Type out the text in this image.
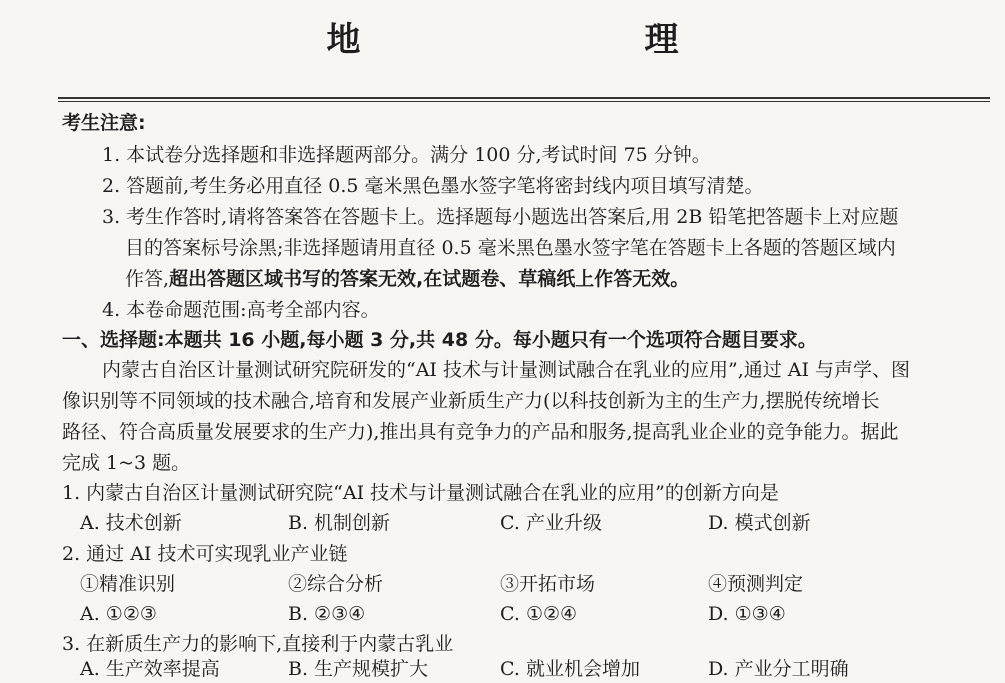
地　　理
考生注意:
1. 本试卷分选择题和非选择题两部分。满分 100 分,考试时间 75 分钟。
2. 答题前,考生务必用直径 0.5 毫米黑色墨水签字笔将密封线内项目填写清楚。
3. 考生作答时,请将答案答在答题卡上。选择题每小题选出答案后,用 2B 铅笔把答题卡上对应题
目的答案标号涂黑;非选择题请用直径 0.5 毫米黑色墨水签字笔在答题卡上各题的答题区域内
作答,超出答题区域书写的答案无效,在试题卷、草稿纸上作答无效。
4. 本卷命题范围:高考全部内容。
一、选择题:本题共 16 小题,每小题 3 分,共 48 分。每小题只有一个选项符合题目要求。
内蒙古自治区计量测试研究院研发的“AI 技术与计量测试融合在乳业的应用”,通过 AI 与声学、图
像识别等不同领域的技术融合,培育和发展产业新质生产力(以科技创新为主的生产力,摆脱传统增长
路径、符合高质量发展要求的生产力),推出具有竞争力的产品和服务,提高乳业企业的竞争能力。据此
完成 1~3 题。
1. 内蒙古自治区计量测试研究院“AI 技术与计量测试融合在乳业的应用”的创新方向是
A. 技术创新	B. 机制创新	C. 产业升级	D. 模式创新
2. 通过 AI 技术可实现乳业产业链
①精准识别	②综合分析	③开拓市场	④预测判定
A. ①②③	B. ②③④	C. ①②④	D. ①③④
3. 在新质生产力的影响下,直接利于内蒙古乳业
A. 生产效率提高	B. 生产规模扩大	C. 就业机会增加	D. 产业分工明确
